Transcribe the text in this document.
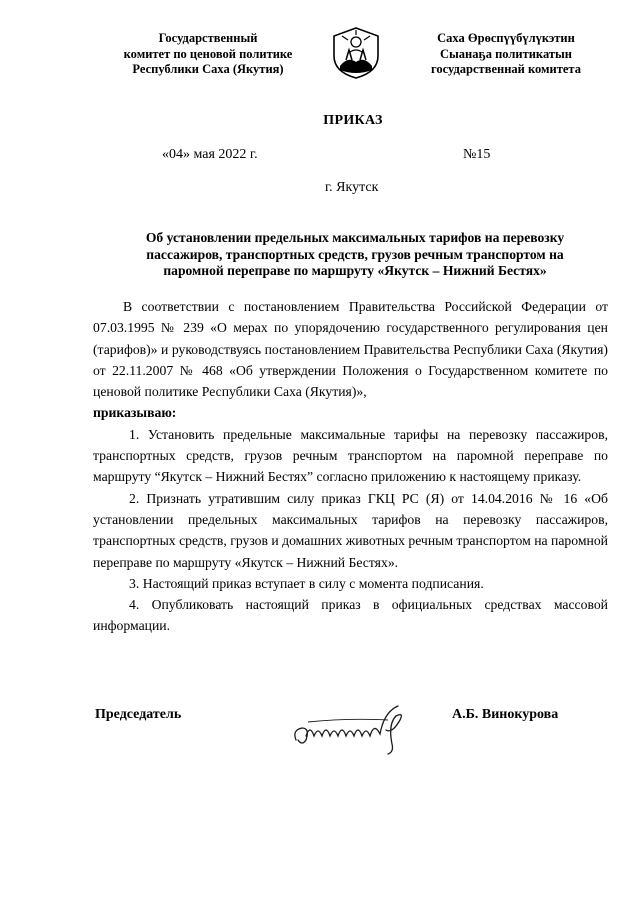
Государственный
комитет по ценовой политике
Республики Саха (Якутия)
Саха Өрөспүүбүлүкэтин
Сыанаҕа политикатын
государственнай комитета
ПРИКАЗ
«04» мая 2022 г.	№15
г. Якутск
Об установлении предельных максимальных тарифов на перевозку
пассажиров, транспортных средств, грузов речным транспортом на
паромной переправе по маршруту «Якутск – Нижний Бестях»

В соответствии с постановлением Правительства Российской Федерации от 07.03.1995 № 239 «О мерах по упорядочению государственного регулирования цен (тарифов)» и руководствуясь постановлением Правительства Республики Саха (Якутия) от 22.11.2007 № 468 «Об утверждении Положения о Государственном комитете по ценовой политике Республики Саха (Якутия)»,

приказываю:

1. Установить предельные максимальные тарифы на перевозку пассажиров, транспортных средств, грузов речным транспортом на паромной переправе по маршруту “Якутск – Нижний Бестях” согласно приложению к настоящему приказу.

2. Признать утратившим силу приказ ГКЦ РС (Я) от 14.04.2016 № 16 «Об установлении предельных максимальных тарифов на перевозку пассажиров, транспортных средств, грузов и домашних животных речным транспортом на паромной переправе по маршруту «Якутск – Нижний Бестях».

3. Настоящий приказ вступает в силу с момента подписания.

4. Опубликовать настоящий приказ в официальных средствах массовой информации.

Председатель	А.Б. Винокурова
